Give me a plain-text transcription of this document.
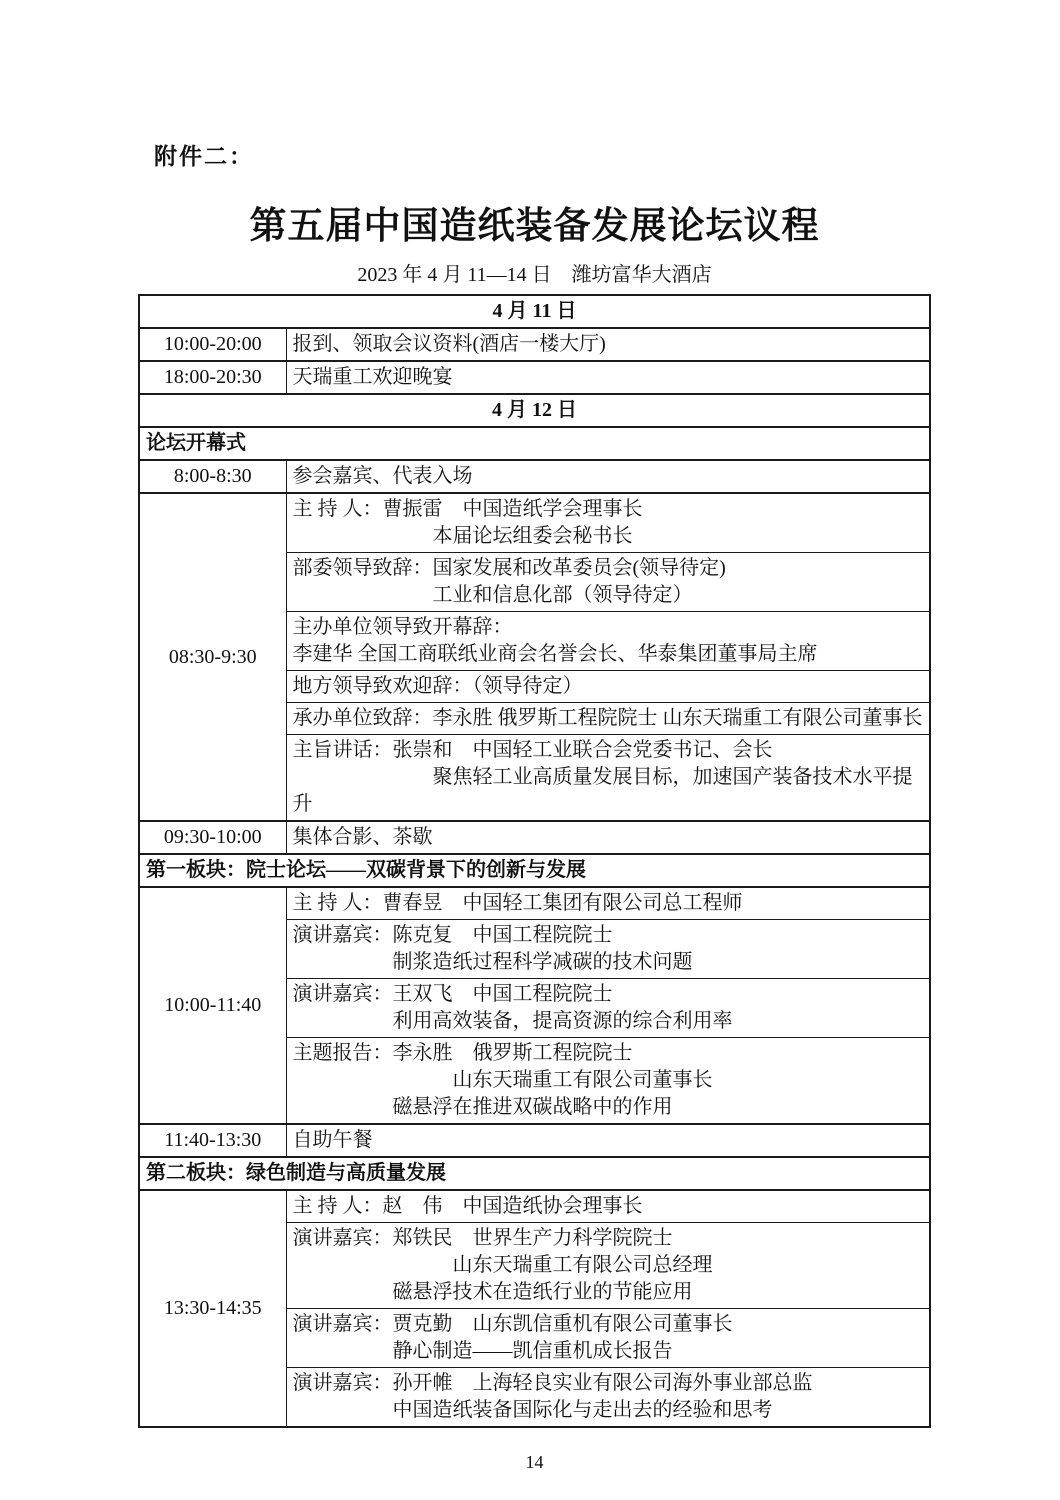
附件二：
第五届中国造纸装备发展论坛议程
2023 年 4 月 11—14 日　潍坊富华大酒店
4 月 11 日	
10:00-20:00	报到、领取会议资料(酒店一楼大厅)

18:00-20:30	天瑞重工欢迎晚宴

4 月 12 日	
论坛开幕式	
8:00-8:30	参会嘉宾、代表入场

08:30-9:30	主 持 人：曹振雷　中国造纸学会理事长
　　　　　　　本届论坛组委会秘书长

	部委领导致辞：国家发展和改革委员会(领导待定)
　　　　　　　工业和信息化部（领导待定）

	主办单位领导致开幕辞：
李建华 全国工商联纸业商会名誉会长、华泰集团董事局主席

	地方领导致欢迎辞：（领导待定）

	承办单位致辞：李永胜 俄罗斯工程院院士 山东天瑞重工有限公司董事长

	主旨讲话：张崇和　中国轻工业联合会党委书记、会长
　　　　　　　聚焦轻工业高质量发展目标，加速国产装备技术水平提升

09:30-10:00	集体合影、茶歇

第一板块：院士论坛——双碳背景下的创新与发展	
10:00-11:40	主 持 人：曹春昱　中国轻工集团有限公司总工程师

	演讲嘉宾：陈克复　中国工程院院士
　　　　　制浆造纸过程科学减碳的技术问题

	演讲嘉宾：王双飞　中国工程院院士
　　　　　利用高效装备，提高资源的综合利用率

	主题报告：李永胜　俄罗斯工程院院士
　　　　　　　　山东天瑞重工有限公司董事长
　　　　　磁悬浮在推进双碳战略中的作用

11:40-13:30	自助午餐

第二板块：绿色制造与高质量发展	
13:30-14:35	主 持 人：赵　伟　中国造纸协会理事长

	演讲嘉宾：郑铁民　世界生产力科学院院士
　　　　　　　　山东天瑞重工有限公司总经理
　　　　　磁悬浮技术在造纸行业的节能应用

	演讲嘉宾：贾克勤　山东凯信重机有限公司董事长
　　　　　静心制造——凯信重机成长报告

	演讲嘉宾：孙开帷　上海轻良实业有限公司海外事业部总监
　　　　　中国造纸装备国际化与走出去的经验和思考
14
